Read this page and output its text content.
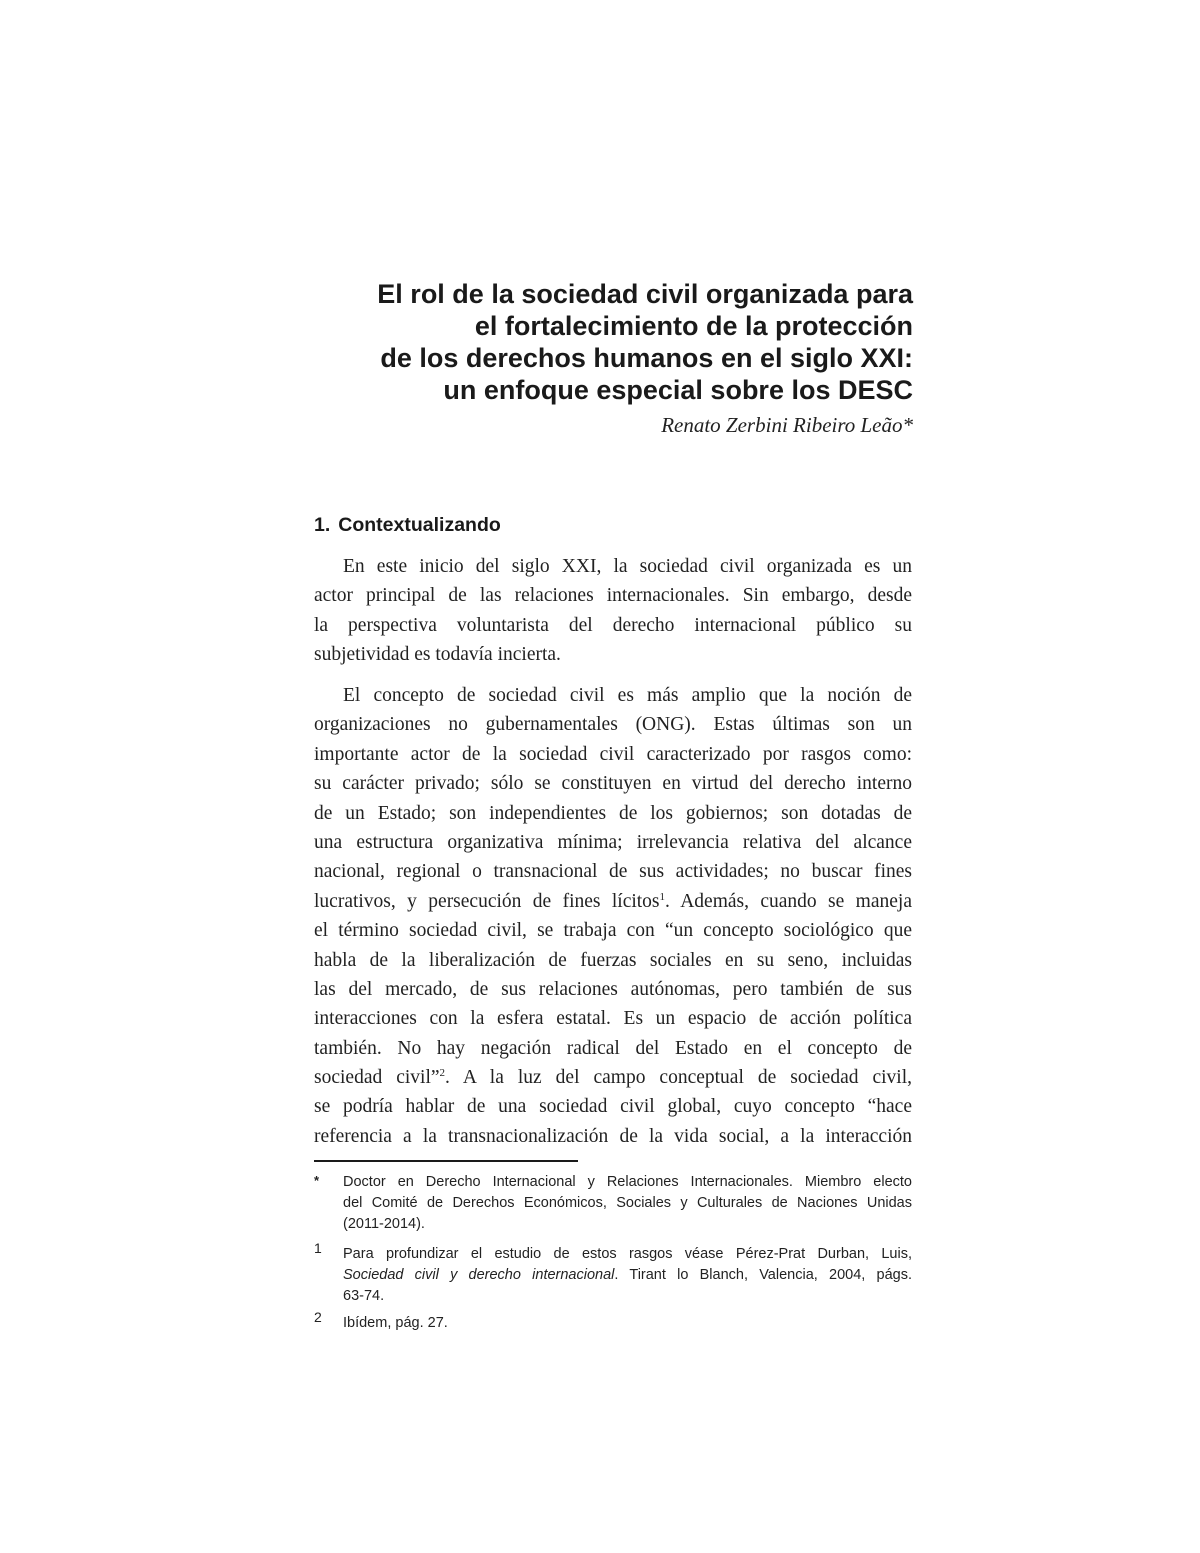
El rol de la sociedad civil organizada para
el fortalecimiento de la protección
de los derechos humanos en el siglo XXI:
un enfoque especial sobre los DESC
Renato Zerbini Ribeiro Leão*
1. Contextualizando
En este inicio del siglo XXI, la sociedad civil organizada es un
actor principal de las relaciones internacionales. Sin embargo, desde
la perspectiva voluntarista del derecho internacional público su
subjetividad es todavía incierta.
El concepto de sociedad civil es más amplio que la noción de
organizaciones no gubernamentales (ONG). Estas últimas son un
importante actor de la sociedad civil caracterizado por rasgos como:
su carácter privado; sólo se constituyen en virtud del derecho interno
de un Estado; son independientes de los gobiernos; son dotadas de
una estructura organizativa mínima; irrelevancia relativa del alcance
nacional, regional o transnacional de sus actividades; no buscar fines
lucrativos, y persecución de fines lícitos$^1$. Además, cuando se maneja
el término sociedad civil, se trabaja con “un concepto sociológico que
habla de la liberalización de fuerzas sociales en su seno, incluidas
las del mercado, de sus relaciones autónomas, pero también de sus
interacciones con la esfera estatal. Es un espacio de acción política
también. No hay negación radical del Estado en el concepto de
sociedad civil”$^2$. A la luz del campo conceptual de sociedad civil,
se podría hablar de una sociedad civil global, cuyo concepto “hace
referencia a la transnacionalización de la vida social, a la interacción
* Doctor en Derecho Internacional y Relaciones Internacionales. Miembro electo
del Comité de Derechos Económicos, Sociales y Culturales de Naciones Unidas
(2011-2014).
1 Para profundizar el estudio de estos rasgos véase Pérez-Prat Durban, Luis,
Sociedad civil y derecho internacional. Tirant lo Blanch, Valencia, 2004, págs.
63-74.
2 Ibídem, pág. 27.
